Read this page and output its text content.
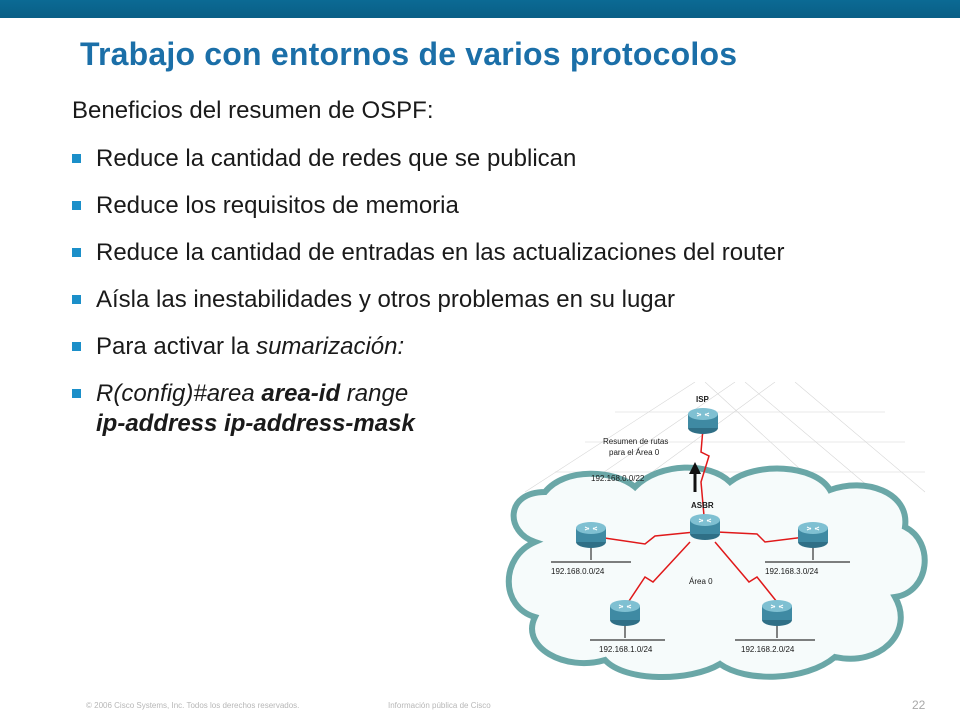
Trabajo con entornos de varios protocolos

Beneficios del resumen de OSPF:

Reduce la cantidad de redes que se publican
Reduce los requisitos de memoria
Reduce la cantidad de entradas en las actualizaciones del router
Aísla las inestabilidades y otros problemas en su lugar
Para activar la sumarización:
R(config)#area area-id range
ip-address ip-address-mask
ISP
ASBR
Resumen de rutas
para el Área 0
192.168.0.0/22
Área 0
192.168.0.0/24
192.168.1.0/24	192.168.2.0/24
192.168.3.0/24
© 2006 Cisco Systems, Inc. Todos los derechos reservados.	Información pública de Cisco	22
